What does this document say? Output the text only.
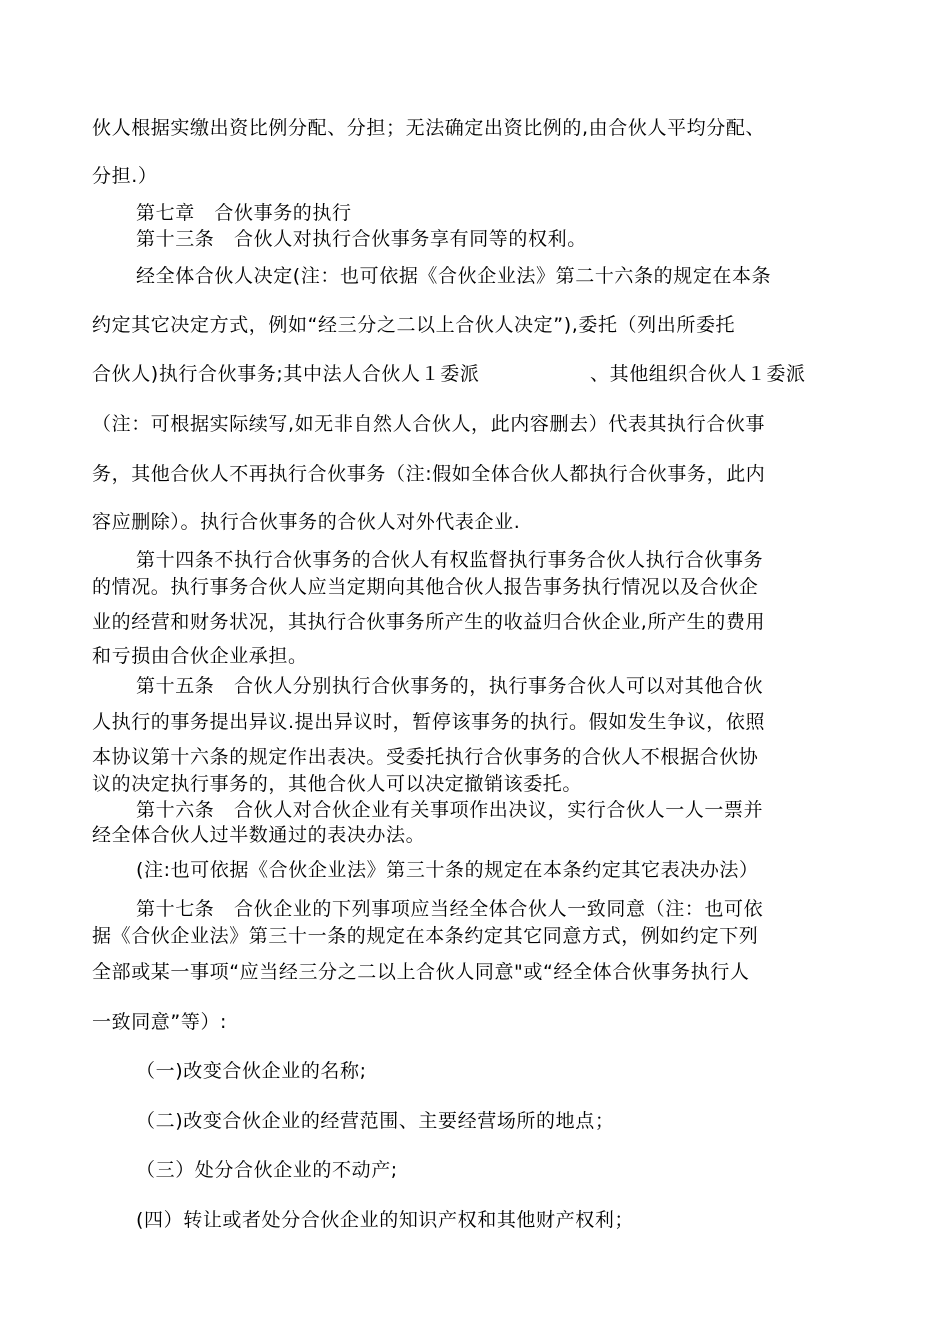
伙人根据实缴出资比例分配、分担；无法确定出资比例的,由合伙人平均分配、
分担.）
第七章　合伙事务的执行
第十三条　合伙人对执行合伙事务享有同等的权利。
经全体合伙人决定(注：也可依据《合伙企业法》第二十六条的规定在本条
约定其它决定方式，例如“经三分之二以上合伙人决定”),委托（列出所委托
合伙人)执行合伙事务;其中法人合伙人１委派	、其他组织合伙人１委派
（注：可根据实际续写,如无非自然人合伙人，此内容删去）代表其执行合伙事
务，其他合伙人不再执行合伙事务（注:假如全体合伙人都执行合伙事务，此内
容应删除）。执行合伙事务的合伙人对外代表企业.
第十四条不执行合伙事务的合伙人有权监督执行事务合伙人执行合伙事务
的情况。执行事务合伙人应当定期向其他合伙人报告事务执行情况以及合伙企
业的经营和财务状况，其执行合伙事务所产生的收益归合伙企业,所产生的费用
和亏损由合伙企业承担。
第十五条　合伙人分别执行合伙事务的，执行事务合伙人可以对其他合伙
人执行的事务提出异议.提出异议时，暂停该事务的执行。假如发生争议，依照
本协议第十六条的规定作出表决。受委托执行合伙事务的合伙人不根据合伙协
议的决定执行事务的，其他合伙人可以决定撤销该委托。
第十六条　合伙人对合伙企业有关事项作出决议，实行合伙人一人一票并
经全体合伙人过半数通过的表决办法。
(注:也可依据《合伙企业法》第三十条的规定在本条约定其它表决办法）
第十七条　合伙企业的下列事项应当经全体合伙人一致同意（注：也可依
据《合伙企业法》第三十一条的规定在本条约定其它同意方式，例如约定下列
全部或某一事项“应当经三分之二以上合伙人同意"或“经全体合伙事务执行人
一致同意”等）:
（一)改变合伙企业的名称;
（二)改变合伙企业的经营范围、主要经营场所的地点；
（三）处分合伙企业的不动产;
(四）转让或者处分合伙企业的知识产权和其他财产权利；
